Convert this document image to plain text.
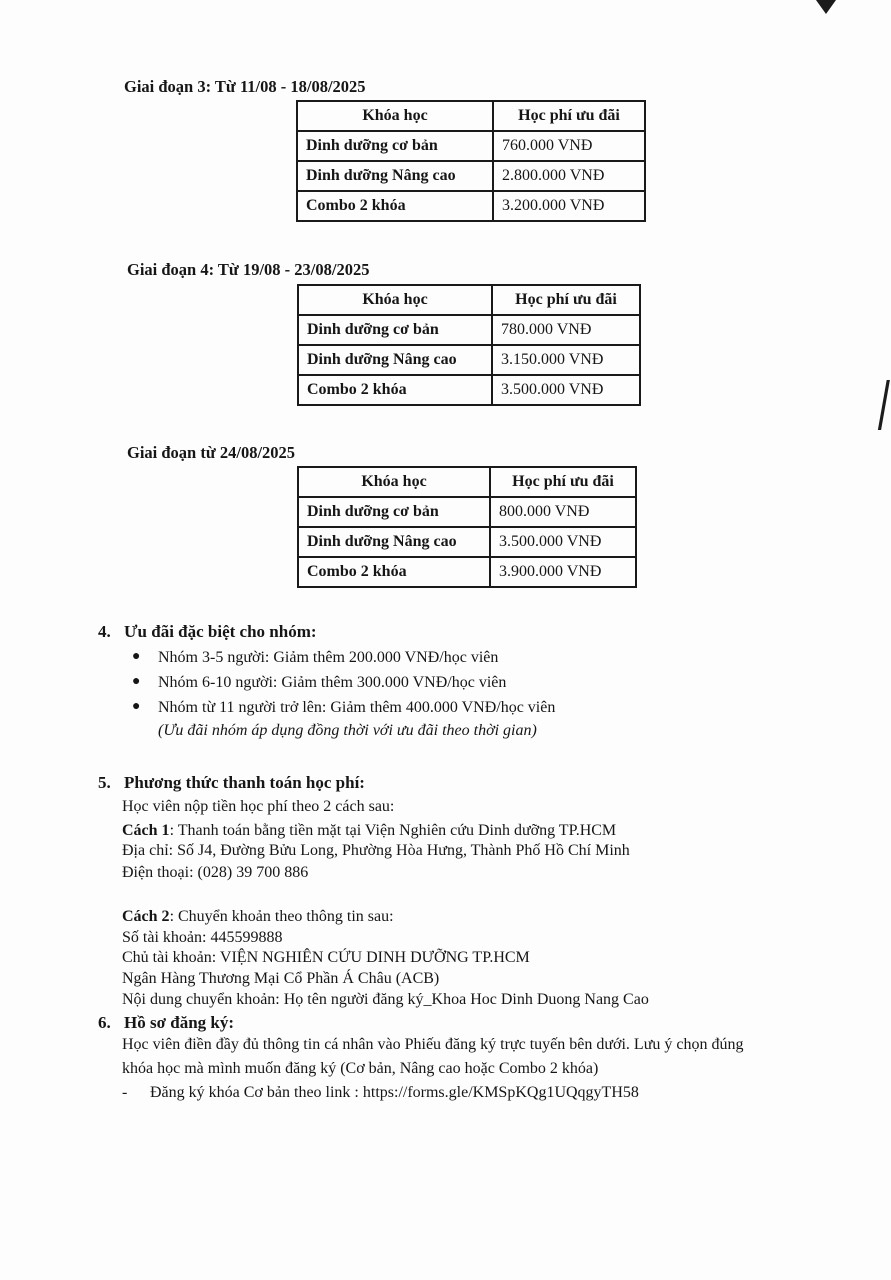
Giai đoạn 3: Từ 11/08 - 18/08/2025
Khóa học	Học phí ưu đãi
Dinh dưỡng cơ bản	760.000 VNĐ
Dinh dưỡng Nâng cao	2.800.000 VNĐ
Combo 2 khóa	3.200.000 VNĐ
Giai đoạn 4: Từ 19/08 - 23/08/2025
Khóa học	Học phí ưu đãi
Dinh dưỡng cơ bản	780.000 VNĐ
Dinh dưỡng Nâng cao	3.150.000 VNĐ
Combo 2 khóa	3.500.000 VNĐ
Giai đoạn từ 24/08/2025
Khóa học	Học phí ưu đãi
Dinh dưỡng cơ bản	800.000 VNĐ
Dinh dưỡng Nâng cao	3.500.000 VNĐ
Combo 2 khóa	3.900.000 VNĐ
4. Ưu đãi đặc biệt cho nhóm:
● Nhóm 3-5 người: Giảm thêm 200.000 VNĐ/học viên
● Nhóm 6-10 người: Giảm thêm 300.000 VNĐ/học viên
● Nhóm từ 11 người trở lên: Giảm thêm 400.000 VNĐ/học viên
(Ưu đãi nhóm áp dụng đồng thời với ưu đãi theo thời gian)
5. Phương thức thanh toán học phí:
Học viên nộp tiền học phí theo 2 cách sau:
Cách 1: Thanh toán bằng tiền mặt tại Viện Nghiên cứu Dinh dưỡng TP.HCM
Địa chỉ: Số J4, Đường Bửu Long, Phường Hòa Hưng, Thành Phố Hồ Chí Minh
Điện thoại: (028) 39 700 886
Cách 2: Chuyển khoản theo thông tin sau:
Số tài khoản: 445599888
Chủ tài khoản: VIỆN NGHIÊN CỨU DINH DƯỠNG TP.HCM
Ngân Hàng Thương Mại Cổ Phần Á Châu (ACB)
Nội dung chuyển khoản: Họ tên người đăng ký_Khoa Hoc Dinh Duong Nang Cao
6. Hồ sơ đăng ký:
Học viên điền đầy đủ thông tin cá nhân vào Phiếu đăng ký trực tuyến bên dưới. Lưu ý chọn đúng
khóa học mà mình muốn đăng ký (Cơ bản, Nâng cao hoặc Combo 2 khóa)
- Đăng ký khóa Cơ bản theo link : https://forms.gle/KMSpKQg1UQqgyTH58
